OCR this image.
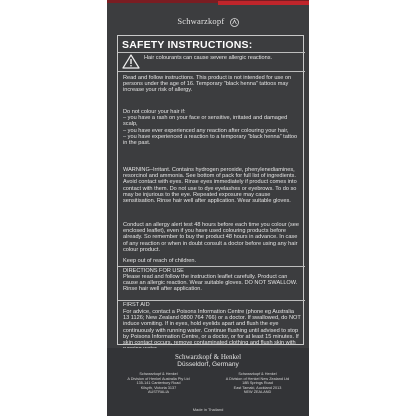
Schwarzkopf
SAFETY INSTRUCTIONS:
Hair colourants can cause severe allergic reactions.
Read and follow instructions. This product is not intended for use on persons under the age of 16. Temporary “black henna” tattoos may increase your risk of allergy.
Do not colour your hair if:
– you have a rash on your face or sensitive, irritated and damaged scalp,
– you have ever experienced any reaction after colouring your hair,
– you have experienced a reaction to a temporary “black henna” tattoo in the past.
WARNING–Irritant. Contains hydrogen peroxide, phenylenediamines, resorcinol and ammonia. See bottom of pack for full list of ingredients. Avoid contact with eyes. Rinse eyes immediately if product comes into contact with them. Do not use to dye eyelashes or eyebrows. To do so may be injurious to the eye. Repeated exposure may cause sensitisation. Rinse hair well after application. Wear suitable gloves.
Conduct an allergy alert test 48 hours before each time you colour (see enclosed leaflet), even if you have used colouring products before already. So remember to buy the product 48 hours in advance. In case of any reaction or when in doubt consult a doctor before using any hair colour product.
Keep out of reach of children.
DIRECTIONS FOR USE
Please read and follow the instruction leaflet carefully. Product can cause an allergic reaction. Wear suitable gloves. DO NOT SWALLOW. Rinse hair well after application.
FIRST AID
For advice, contact a Poisons Information Centre (phone eg Australia 13 1126; New Zealand 0800 764 766) or a doctor. If swallowed, do NOT induce vomiting. If in eyes, hold eyelids apart and flush the eye continuously with running water. Continue flushing until advised to stop by Poisons Information Centre, or a doctor, or for at least 15 minutes. If skin contact occurs, remove contaminated clothing and flush skin with
Schwarzkopf & Henkel
Düsseldorf, Germany
Schwarzkopf & Henkel
A Division of Henkel Australia Pty Ltd
135-141 Canterbury Road
Kilsyth, Victoria 3137
AUSTRALIA
Schwarzkopf & Henkel
A Division of Henkel New Zealand Ltd
18B Springs Road
East Tamaki, Auckland 2013
NEW ZEALAND
Made in Thailand
